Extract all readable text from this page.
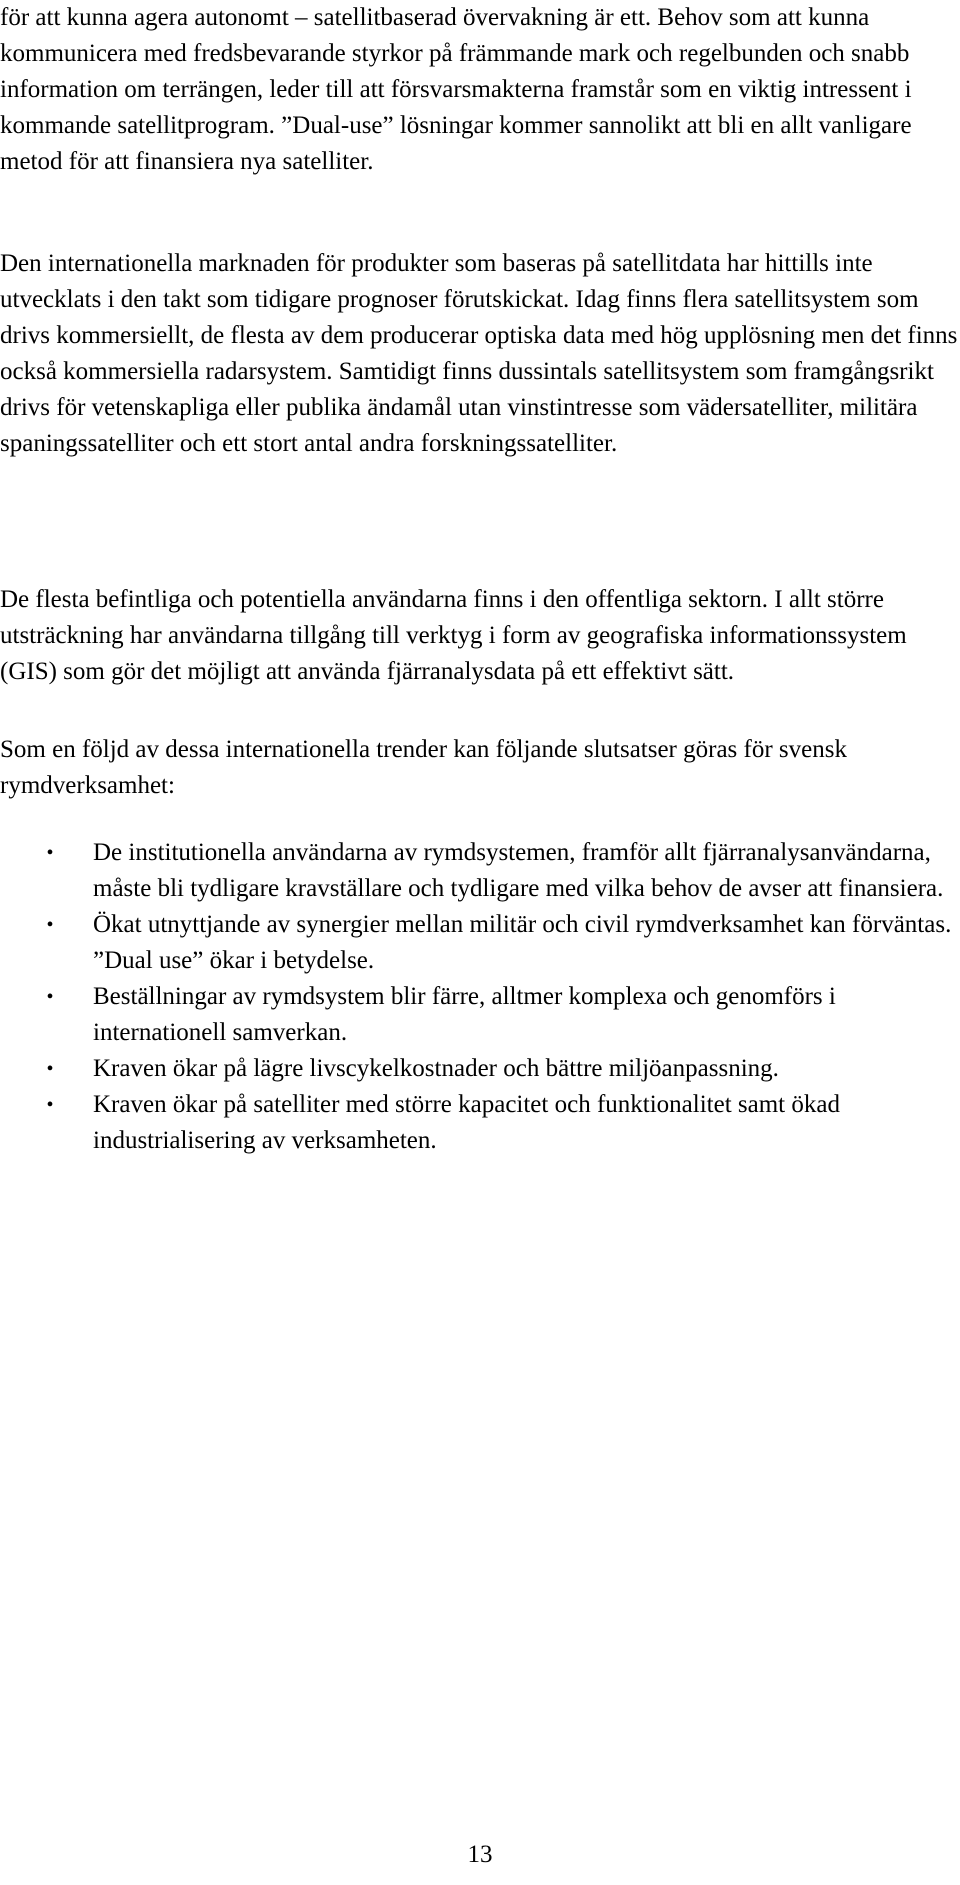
för att kunna agera autonomt – satellitbaserad övervakning är ett. Behov som att kunna kommunicera med fredsbevarande styrkor på främmande mark och regelbunden och snabb information om terrängen, leder till att försvarsmakterna framstår som en viktig intressent i kommande satellitprogram. ”Dual-use” lösningar kommer sannolikt att bli en allt vanligare metod för att finansiera nya satelliter.

Den internationella marknaden för produkter som baseras på satellitdata har hittills inte utvecklats i den takt som tidigare prognoser förutskickat. Idag finns flera satellitsystem som drivs kommersiellt, de flesta av dem producerar optiska data med hög upplösning men det finns också kommersiella radarsystem. Samtidigt finns dussintals satellitsystem som framgångsrikt drivs för vetenskapliga eller publika ändamål utan vinstintresse som vädersatelliter, militära spaningssatelliter och ett stort antal andra forskningssatelliter.

De flesta befintliga och potentiella användarna finns i den offentliga sektorn. I allt större utsträckning har användarna tillgång till verktyg i form av geografiska informationssystem (GIS) som gör det möjligt att använda fjärranalysdata på ett effektivt sätt.

Som en följd av dessa internationella trender kan följande slutsatser göras för svensk rymdverksamhet:

• De institutionella användarna av rymdsystemen, framför allt fjärranalysanvändarna, måste bli tydligare kravställare och tydligare med vilka behov de avser att finansiera.
• Ökat utnyttjande av synergier mellan militär och civil rymdverksamhet kan förväntas. ”Dual use” ökar i betydelse.
• Beställningar av rymdsystem blir färre, alltmer komplexa och genomförs i internationell samverkan.
• Kraven ökar på lägre livscykelkostnader och bättre miljöanpassning.
• Kraven ökar på satelliter med större kapacitet och funktionalitet samt ökad industrialisering av verksamheten.
13
